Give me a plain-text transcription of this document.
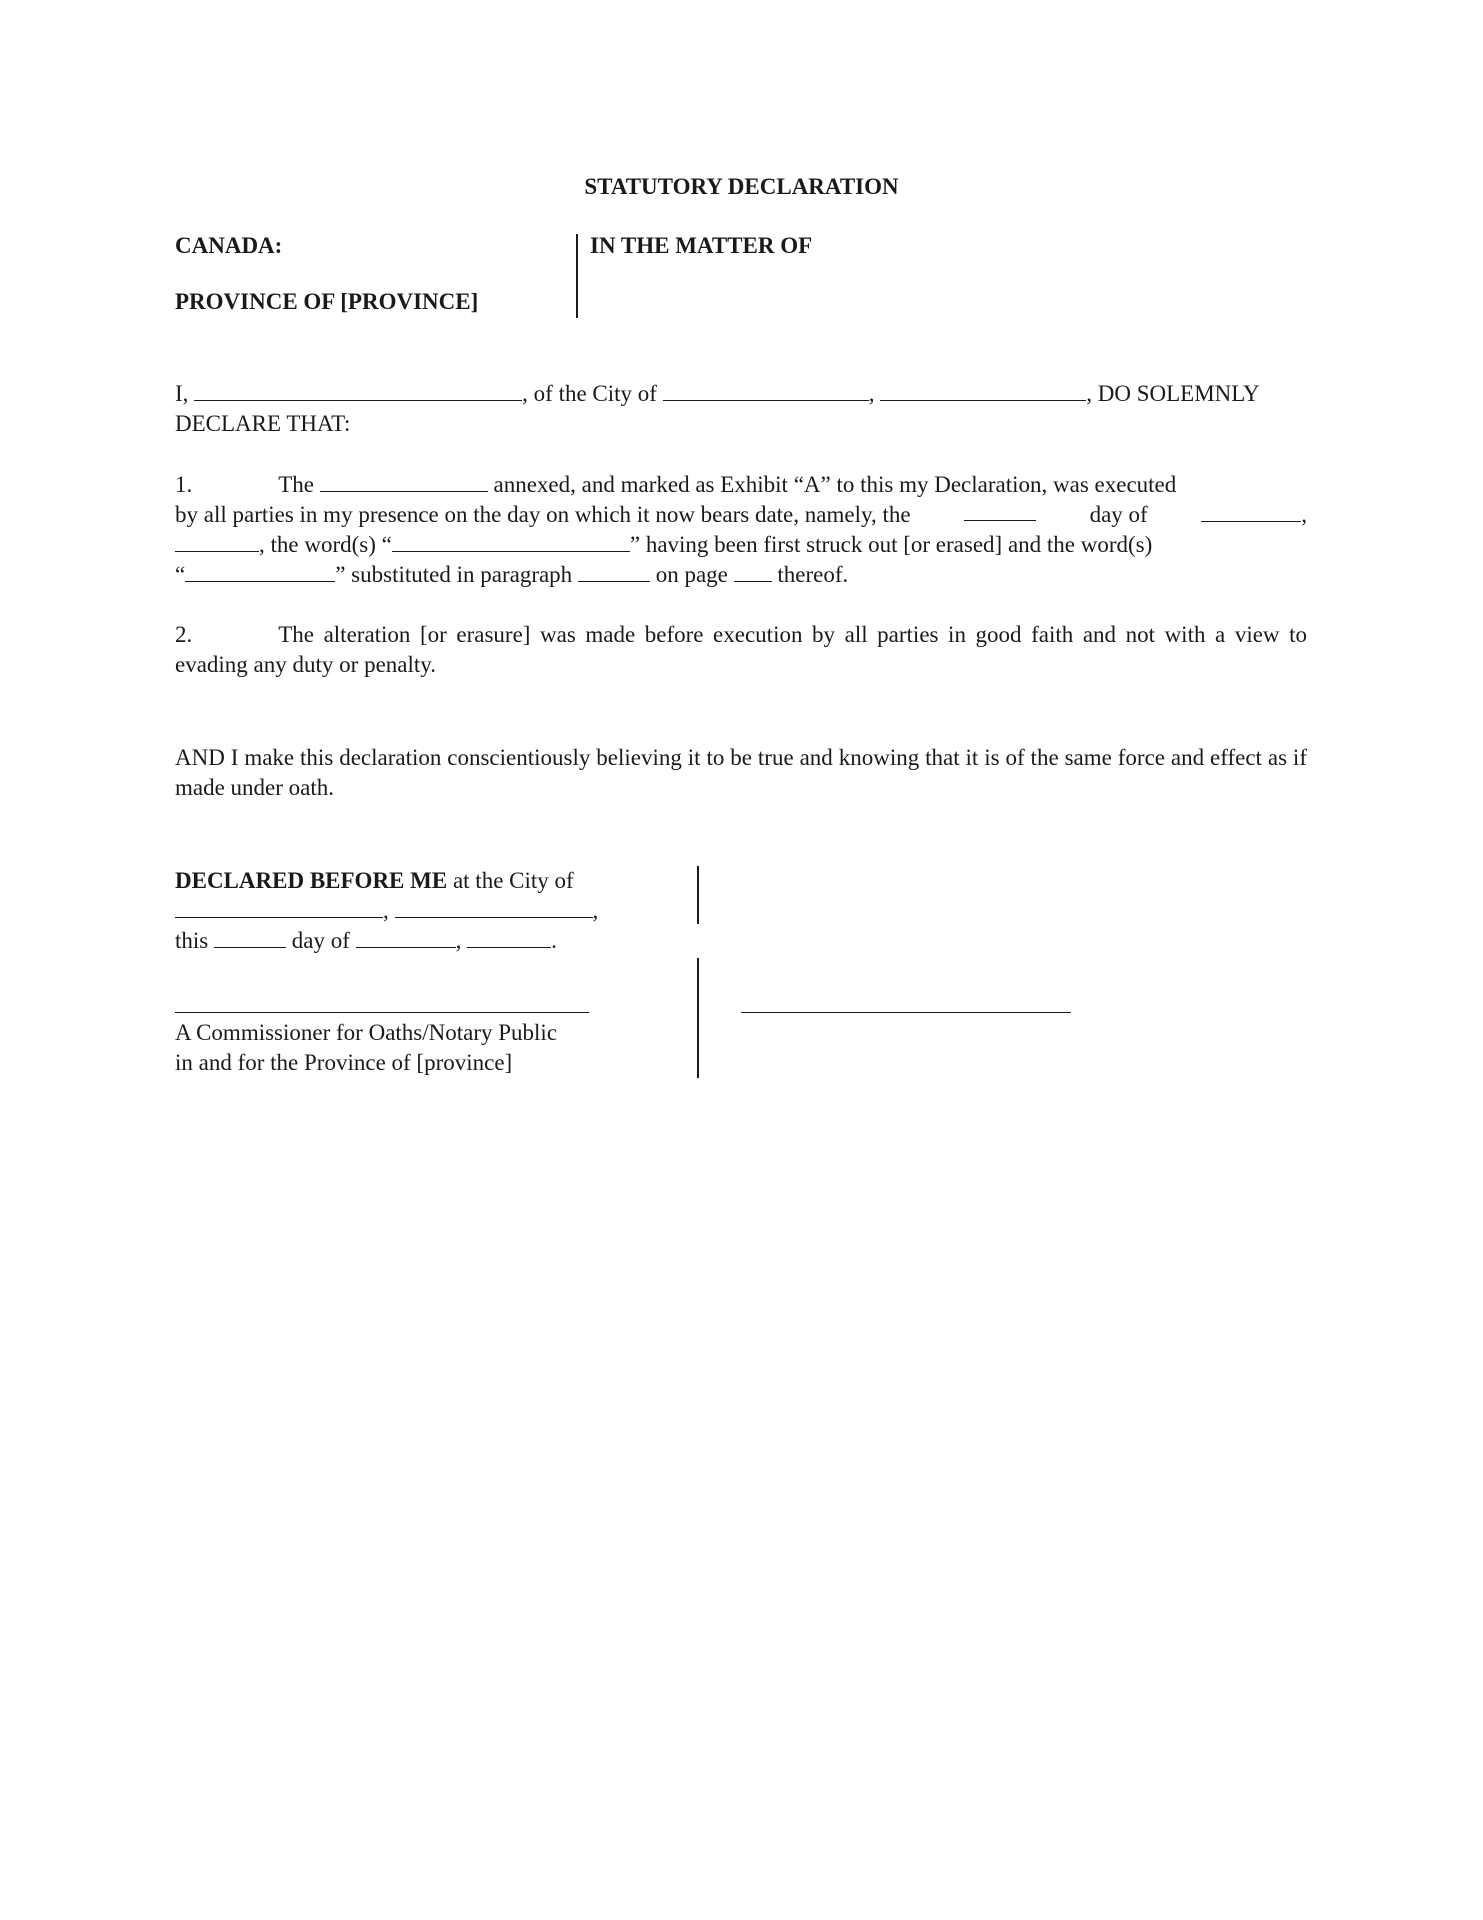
STATUTORY DECLARATION
CANADA:
PROVINCE OF [PROVINCE]
IN THE MATTER OF
I,	, of the City of	,	, DO SOLEMNLY
DECLARE THAT:
1.	The	annexed, and marked as Exhibit “A” to this my Declaration, was executed
by all parties in my presence on the day on which it now bears date, namely, the	day of	,
, the word(s) “	” having been first struck out [or erased] and the word(s)
“	” substituted in paragraph	on page thereof.
2.	The alteration [or erasure] was made before execution by all parties in good faith and not with a view to evading any duty or penalty.
AND I make this declaration conscientiously believing it to be true and knowing that it is of the same force and effect as if made under oath.
DECLARED BEFORE ME at the City of
,	,
this	day of	,	.
A Commissioner for Oaths/Notary Public
in and for the Province of [province]
